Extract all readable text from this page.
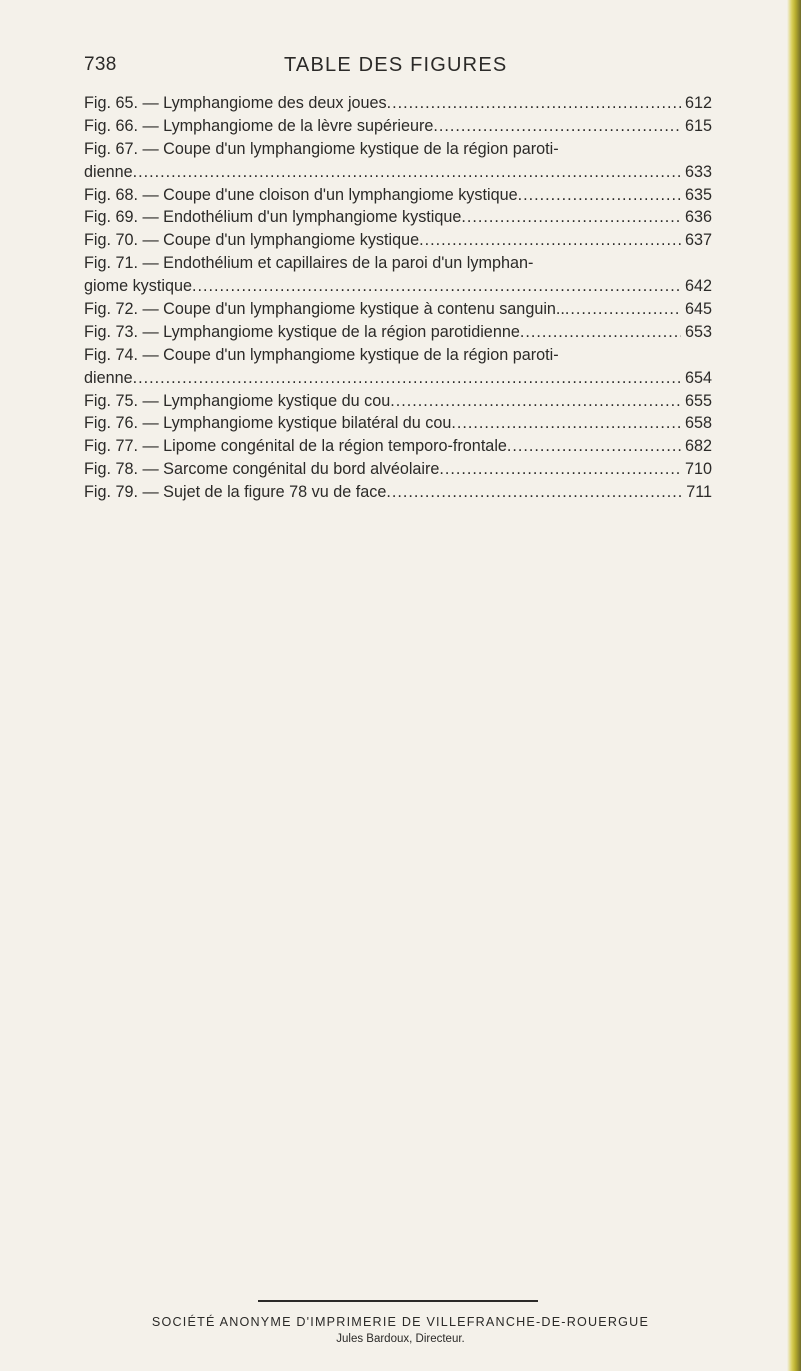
738	TABLE DES FIGURES
Fig. 65. — Lymphangiome des deux joues .....	612
Fig. 66. — Lymphangiome de la lèvre supérieure .....	615
Fig. 67. — Coupe d'un lymphangiome kystique de la région paroti-
dienne .....	633
Fig. 68. — Coupe d'une cloison d'un lymphangiome kystique .....	635
Fig. 69. — Endothélium d'un lymphangiome kystique .....	636
Fig. 70. — Coupe d'un lymphangiome kystique .....	637
Fig. 71. — Endothélium et capillaires de la paroi d'un lymphan-
giome kystique .....	642
Fig. 72. — Coupe d'un lymphangiome kystique à contenu sanguin.. .....	645
Fig. 73. — Lymphangiome kystique de la région parotidienne .....	653
Fig. 74. — Coupe d'un lymphangiome kystique de la région paroti-
dienne .....	654
Fig. 75. — Lymphangiome kystique du cou .....	655
Fig. 76. — Lymphangiome kystique bilatéral du cou .....	658
Fig. 77. — Lipome congénital de la région temporo-frontale .....	682
Fig. 78. — Sarcome congénital du bord alvéolaire .....	710
Fig. 79. — Sujet de la figure 78 vu de face .....	711
SOCIÉTÉ ANONYME D'IMPRIMERIE DE VILLEFRANCHE-DE-ROUERGUE
Jules Bardoux, Directeur.
